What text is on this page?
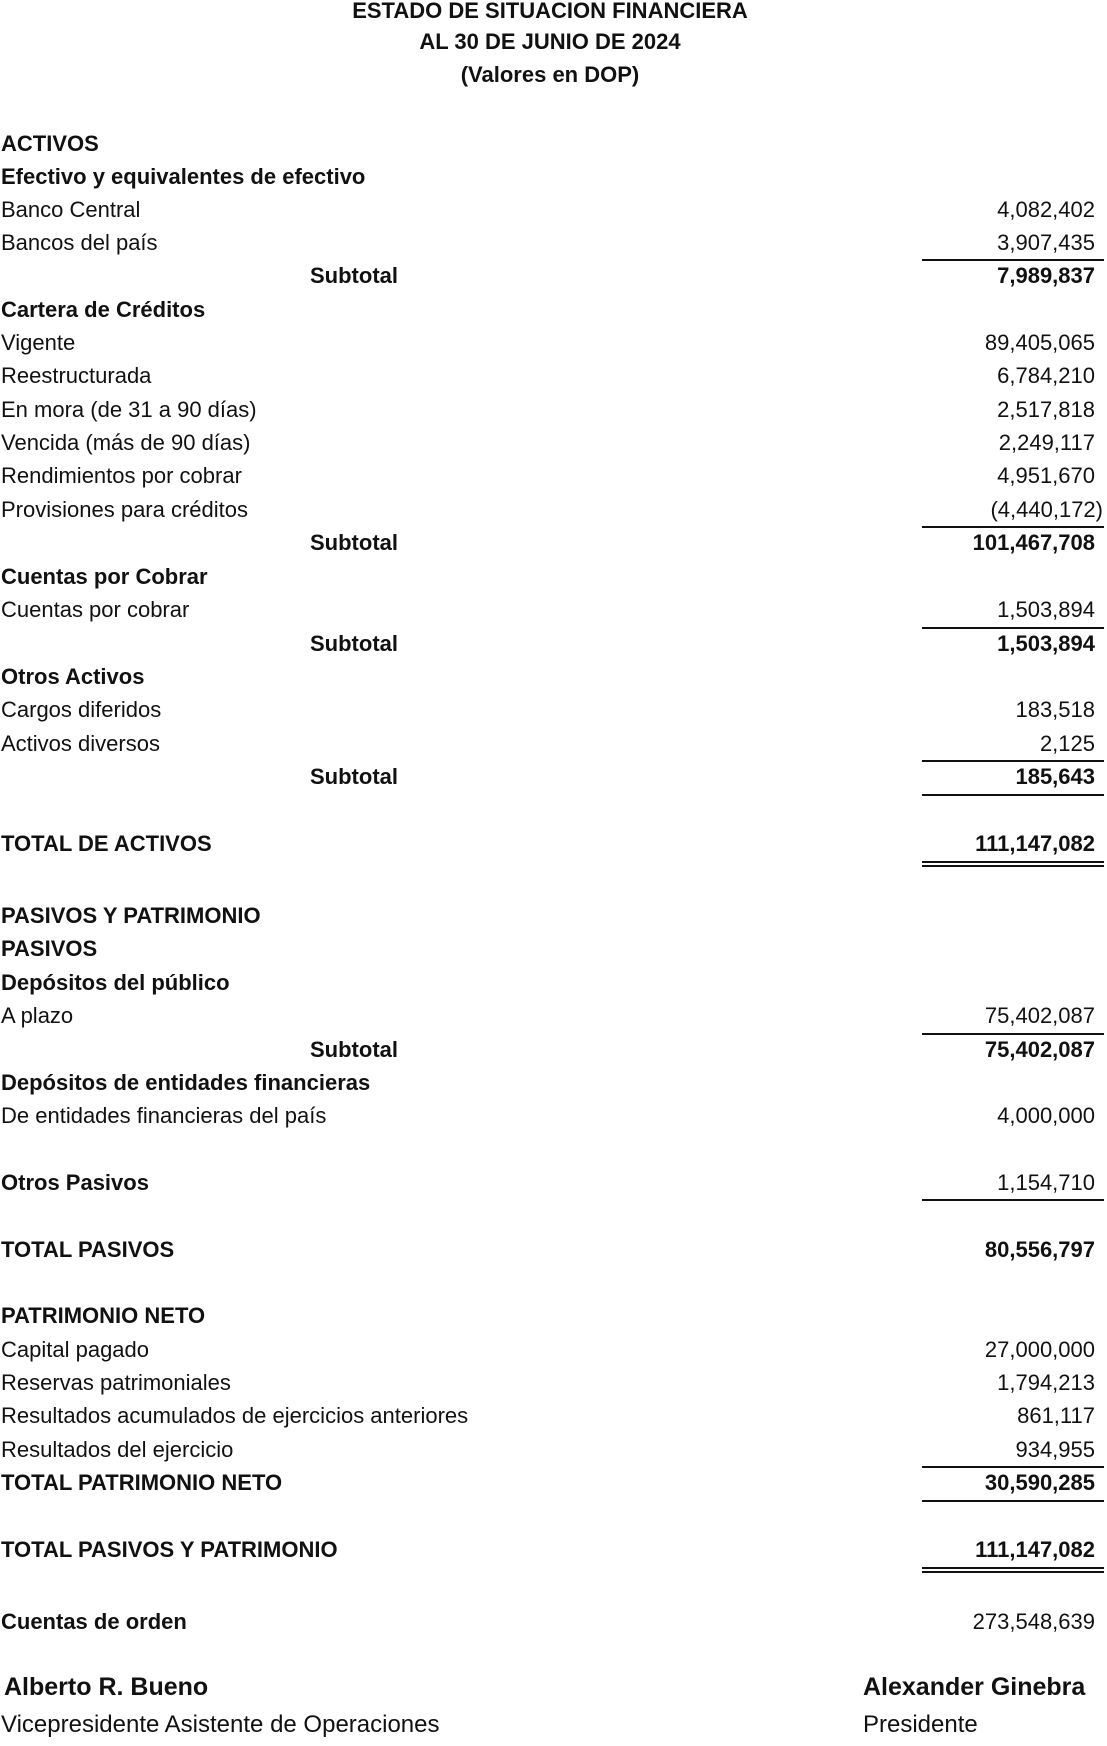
ESTADO DE SITUACION FINANCIERA
AL 30 DE JUNIO DE 2024
(Valores en DOP)
ACTIVOS
Efectivo y equivalentes de efectivo
Banco Central	4,082,402
Bancos del país	3,907,435
Subtotal	7,989,837
Cartera de Créditos
Vigente	89,405,065
Reestructurada	6,784,210
En mora (de 31 a 90 días)	2,517,818
Vencida (más de 90 días)	2,249,117
Rendimientos por cobrar	4,951,670
Provisiones para créditos	(4,440,172)
Subtotal	101,467,708
Cuentas por Cobrar
Cuentas por cobrar	1,503,894
Subtotal	1,503,894
Otros Activos
Cargos diferidos	183,518
Activos diversos	2,125
Subtotal	185,643
TOTAL DE ACTIVOS	111,147,082
PASIVOS Y PATRIMONIO
PASIVOS
Depósitos del público
A plazo	75,402,087
Subtotal	75,402,087
Depósitos de entidades financieras
De entidades financieras del país	4,000,000
Otros Pasivos	1,154,710
TOTAL PASIVOS	80,556,797
PATRIMONIO NETO
Capital pagado	27,000,000
Reservas patrimoniales	1,794,213
Resultados acumulados de ejercicios anteriores	861,117
Resultados del ejercicio	934,955
TOTAL PATRIMONIO NETO	30,590,285
TOTAL PASIVOS Y PATRIMONIO	111,147,082
Cuentas de orden	273,548,639
Alberto R. Bueno
Vicepresidente Asistente de Operaciones
Alexander Ginebra
Presidente
